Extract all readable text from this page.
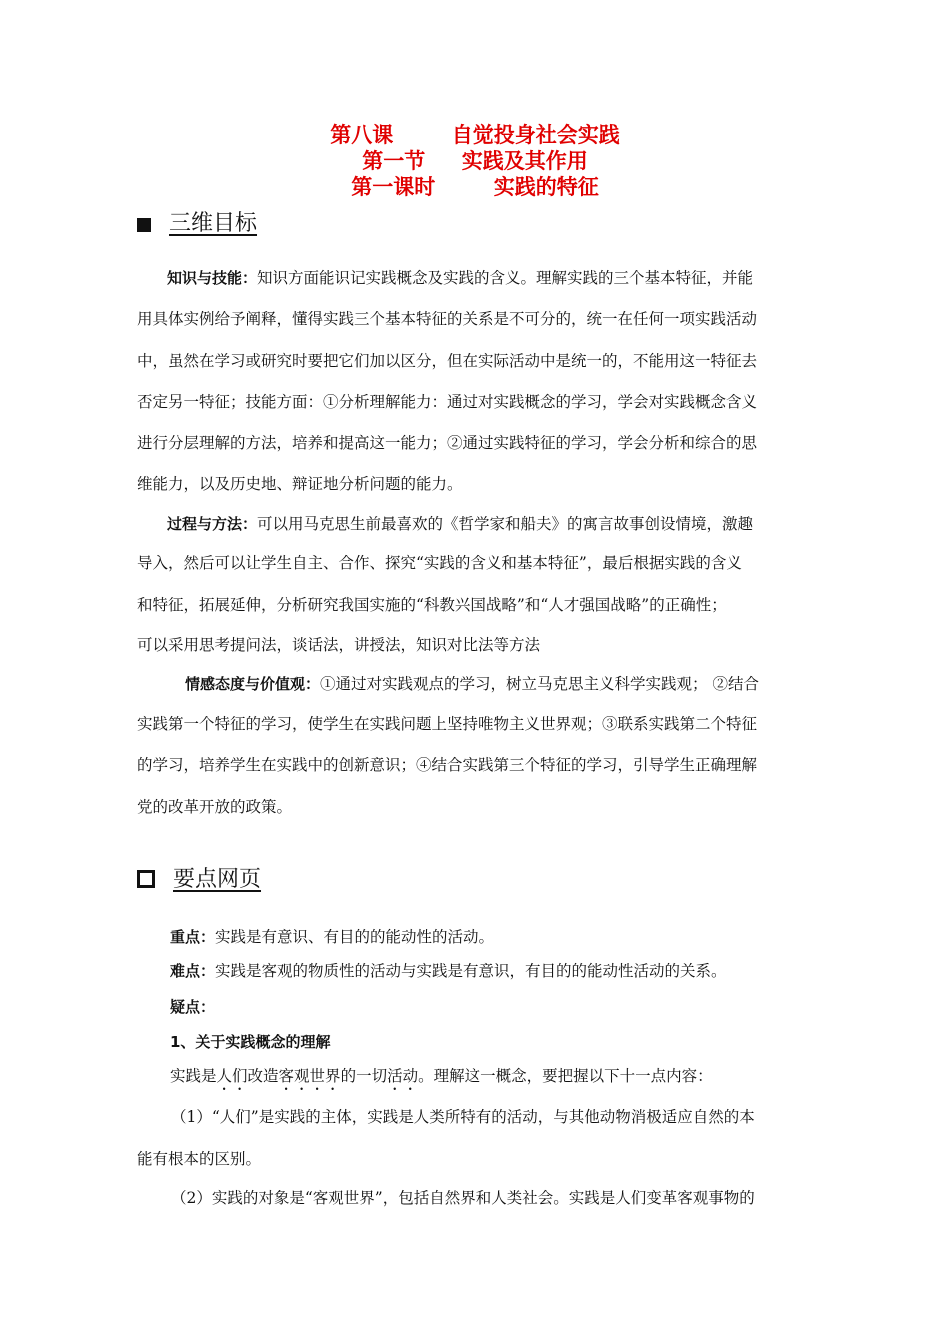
第八课        自觉投身社会实践
第一节     实践及其作用
第一课时        实践的特征
三维目标
知识与技能：知识方面能识记实践概念及实践的含义。理解实践的三个基本特征，并能
用具体实例给予阐释，懂得实践三个基本特征的关系是不可分的，统一在任何一项实践活动
中，虽然在学习或研究时要把它们加以区分，但在实际活动中是统一的，不能用这一特征去
否定另一特征；技能方面：①分析理解能力：通过对实践概念的学习，学会对实践概念含义
进行分层理解的方法，培养和提高这一能力；②通过实践特征的学习，学会分析和综合的思
维能力，以及历史地、辩证地分析问题的能力。
过程与方法：可以用马克思生前最喜欢的《哲学家和船夫》的寓言故事创设情境，激趣
导入，然后可以让学生自主、合作、探究“实践的含义和基本特征”，最后根据实践的含义
和特征，拓展延伸，分析研究我国实施的“科教兴国战略”和“人才强国战略”的正确性；
可以采用思考提问法，谈话法，讲授法，知识对比法等方法
情感态度与价值观：①通过对实践观点的学习，树立马克思主义科学实践观； ②结合
实践第一个特征的学习，使学生在实践问题上坚持唯物主义世界观；③联系实践第二个特征
的学习，培养学生在实践中的创新意识；④结合实践第三个特征的学习，引导学生正确理解
党的改革开放的政策。
要点网页
重点：实践是有意识、有目的的能动性的活动。
难点：实践是客观的物质性的活动与实践是有意识，有目的的能动性活动的关系。
疑点：
1、关于实践概念的理解
实践是人们改造客观世界的一切活动。理解这一概念，要把握以下十一点内容：
（1）“人们”是实践的主体，实践是人类所特有的活动，与其他动物消极适应自然的本
能有根本的区别。
（2）实践的对象是“客观世界”，包括自然界和人类社会。实践是人们变革客观事物的
